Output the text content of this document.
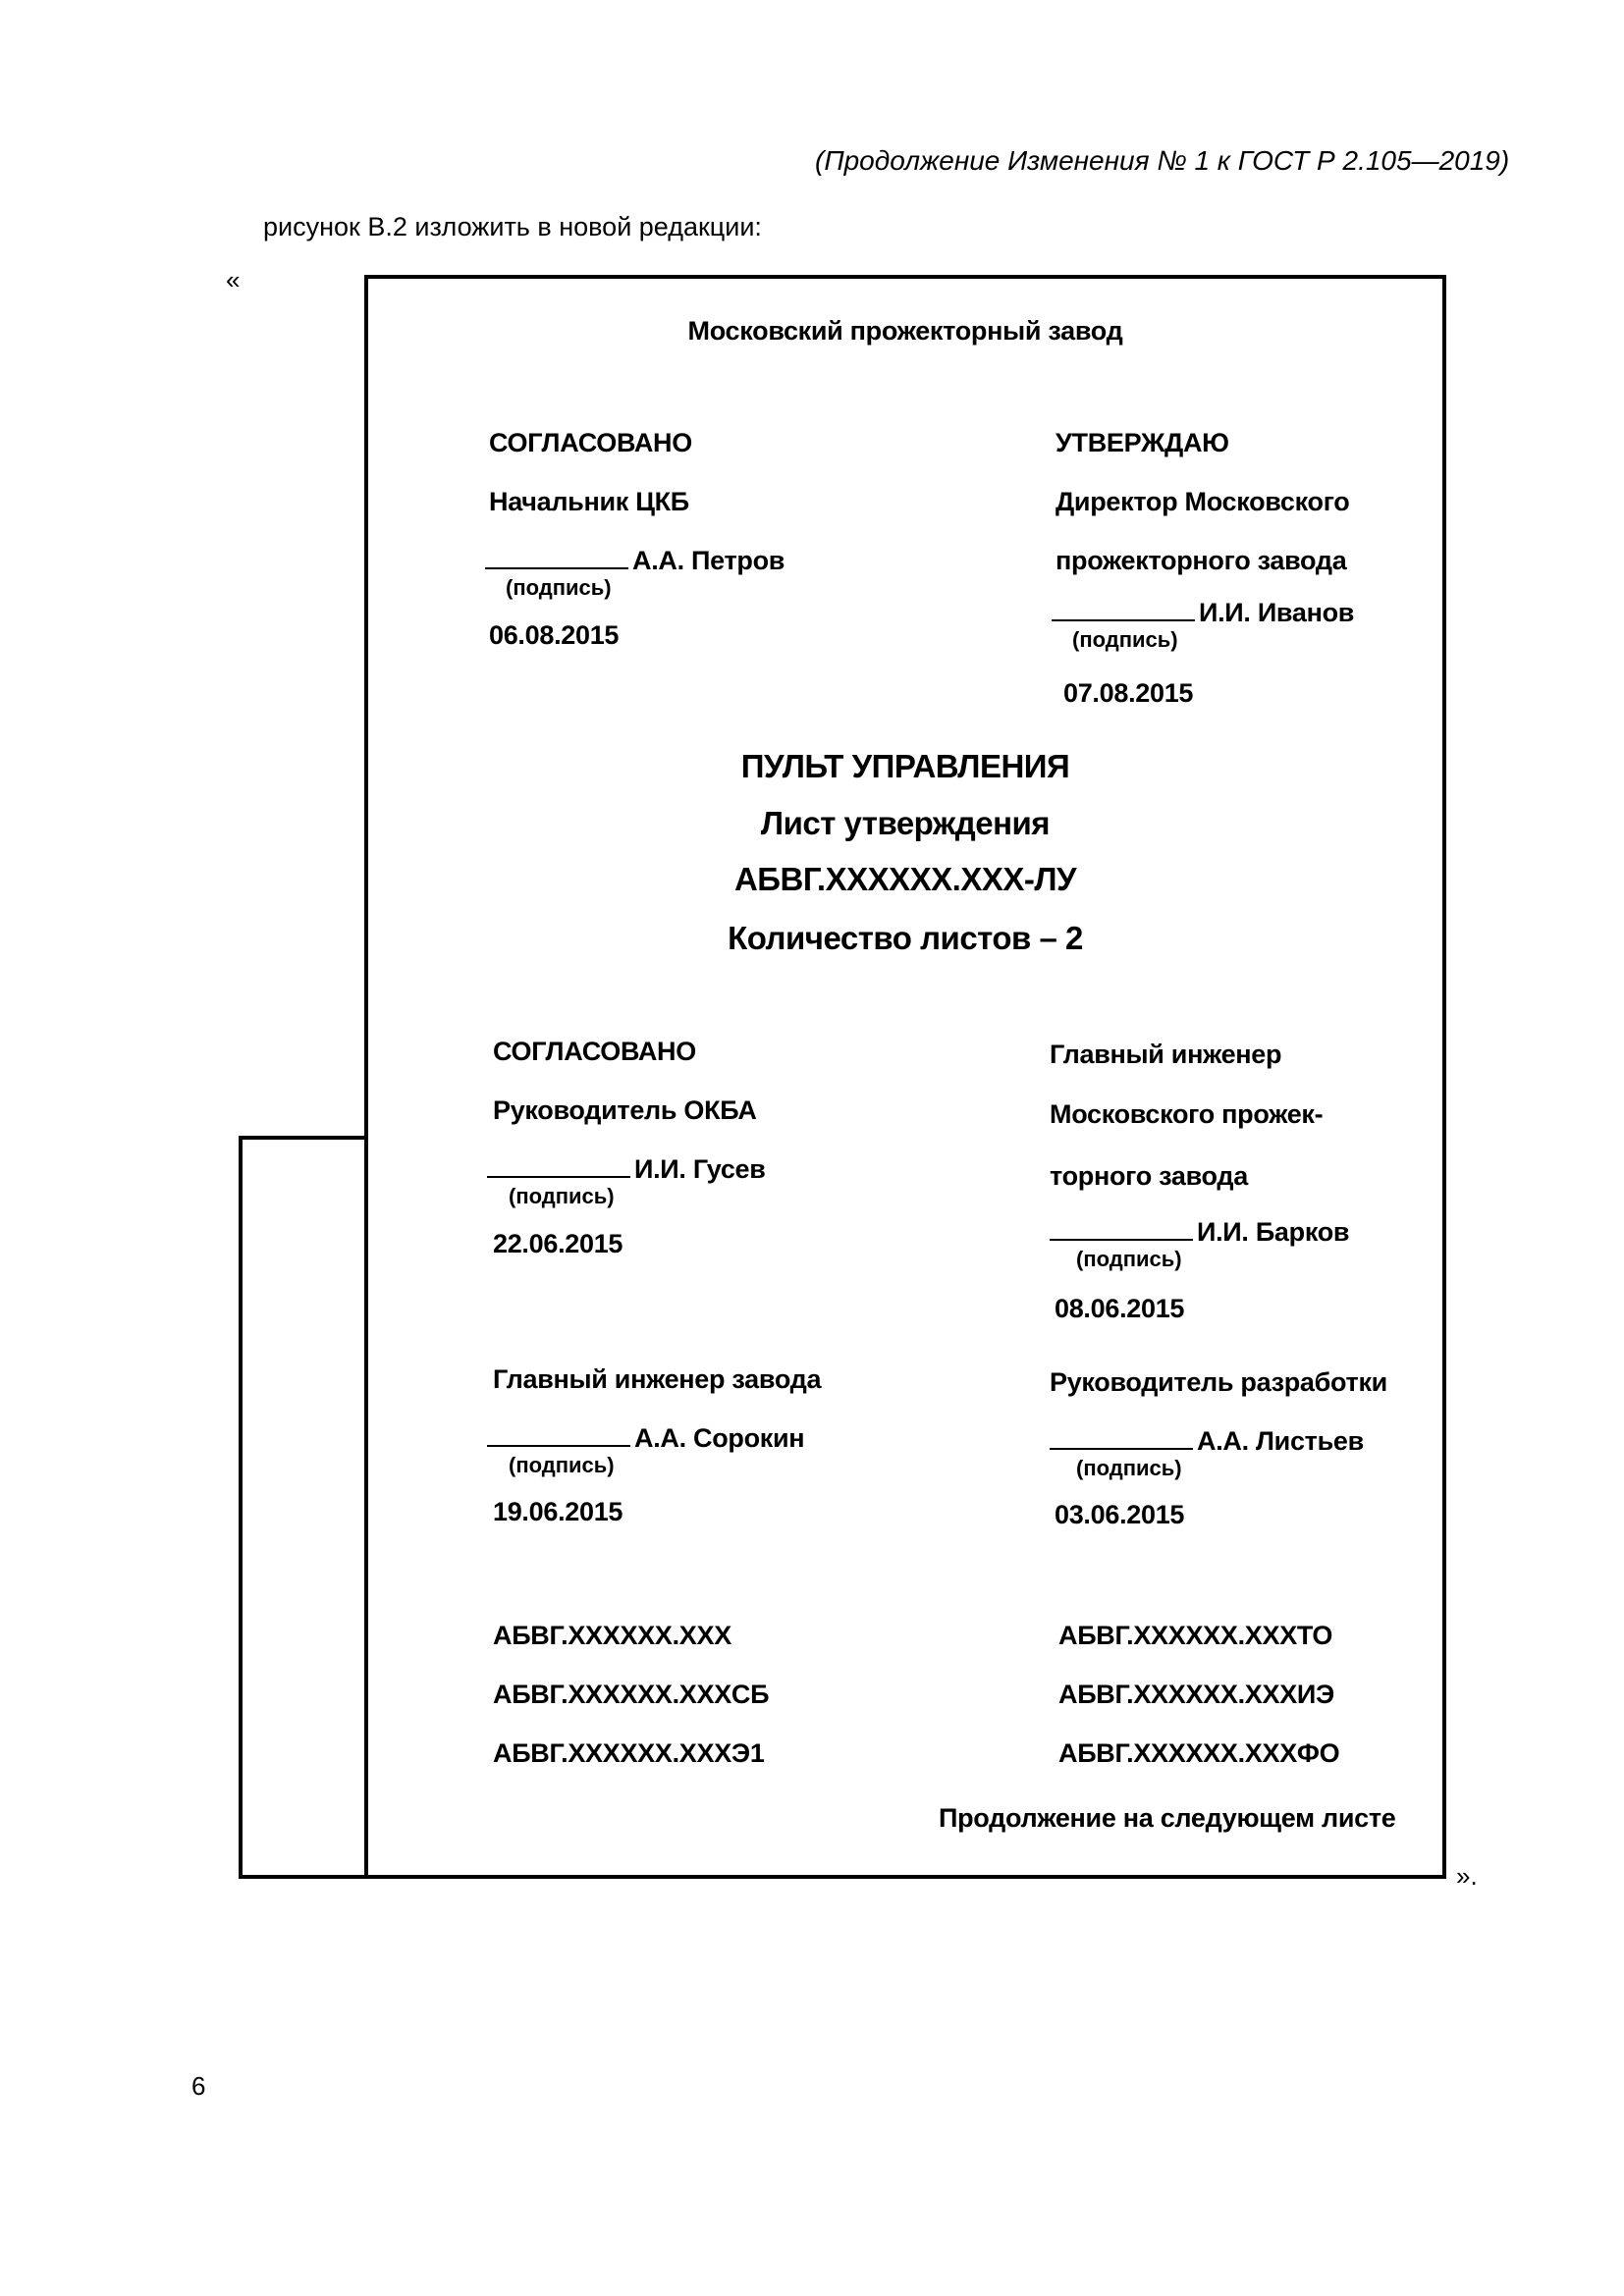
(Продолжение Изменения № 1 к ГОСТ Р 2.105—2019)
рисунок В.2 изложить в новой редакции:
«
Московский прожекторный завод
СОГЛАСОВАНО
Начальник ЦКБ
А.А. Петров
(подпись)
06.08.2015
УТВЕРЖДАЮ
Директор Московского
прожекторного завода
И.И. Иванов
(подпись)
07.08.2015
ПУЛЬТ УПРАВЛЕНИЯ
Лист утверждения
АБВГ.XXXXXX.XXX-ЛУ
Количество листов – 2
СОГЛАСОВАНО
Руководитель ОКБА
И.И. Гусев
(подпись)
22.06.2015
Главный инженер
Московского прожек-
торного завода
И.И. Барков
(подпись)
08.06.2015
Главный инженер завода
А.А. Сорокин
(подпись)
19.06.2015
Руководитель разработки
А.А. Листьев
(подпись)
03.06.2015
АБВГ.XXXXXX.XXX
АБВГ.XXXXXX.XXXСБ
АБВГ.XXXXXX.XXXЭ1
АБВГ.XXXXXX.XXXТО
АБВГ.XXXXXX.XXXИЭ
АБВГ.XXXXXX.XXXФО
Продолжение на следующем листе
».
6
